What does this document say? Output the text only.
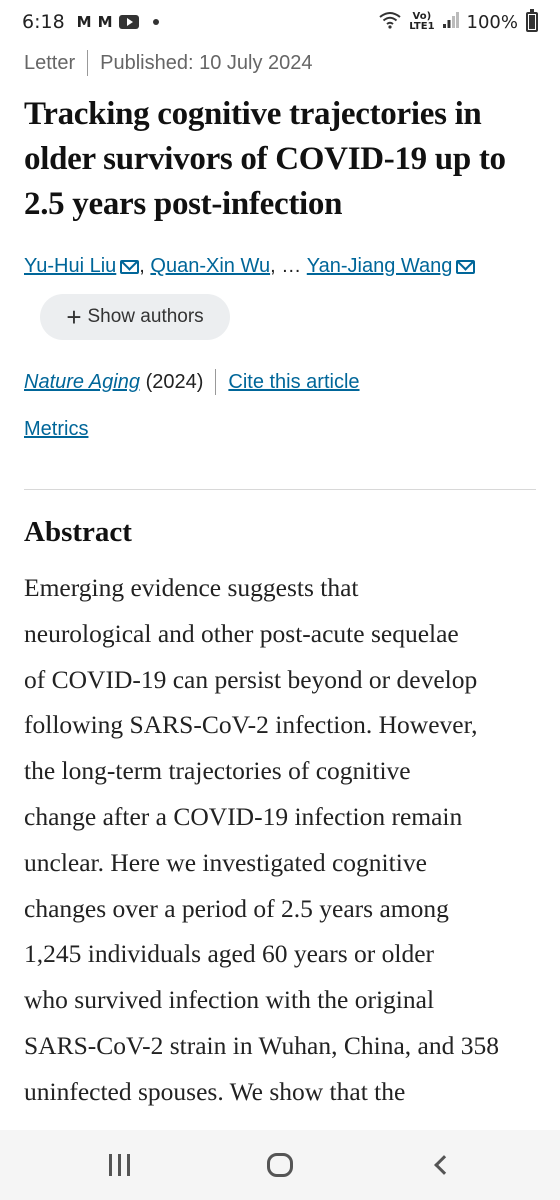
6:18 M M	Vo)
LTE1 100%
Letter Published: 10 July 2024
Tracking cognitive trajectories in older survivors of COVID-19 up to 2.5 years post-infection
Yu-Hui Liu ,
Quan-Xin Wu , …
Yan-Jiang Wang
+ Show authors
Nature Aging (2024) Cite this article
Metrics
Abstract
Emerging evidence suggests that
neurological and other post-acute sequelae
of COVID-19 can persist beyond or develop
following SARS-CoV-2 infection. However,
the long-term trajectories of cognitive
change after a COVID-19 infection remain
unclear. Here we investigated cognitive
changes over a period of 2.5 years among
1,245 individuals aged 60 years or older
who survived infection with the original
SARS-CoV-2 strain in Wuhan, China, and 358
uninfected spouses. We show that the
